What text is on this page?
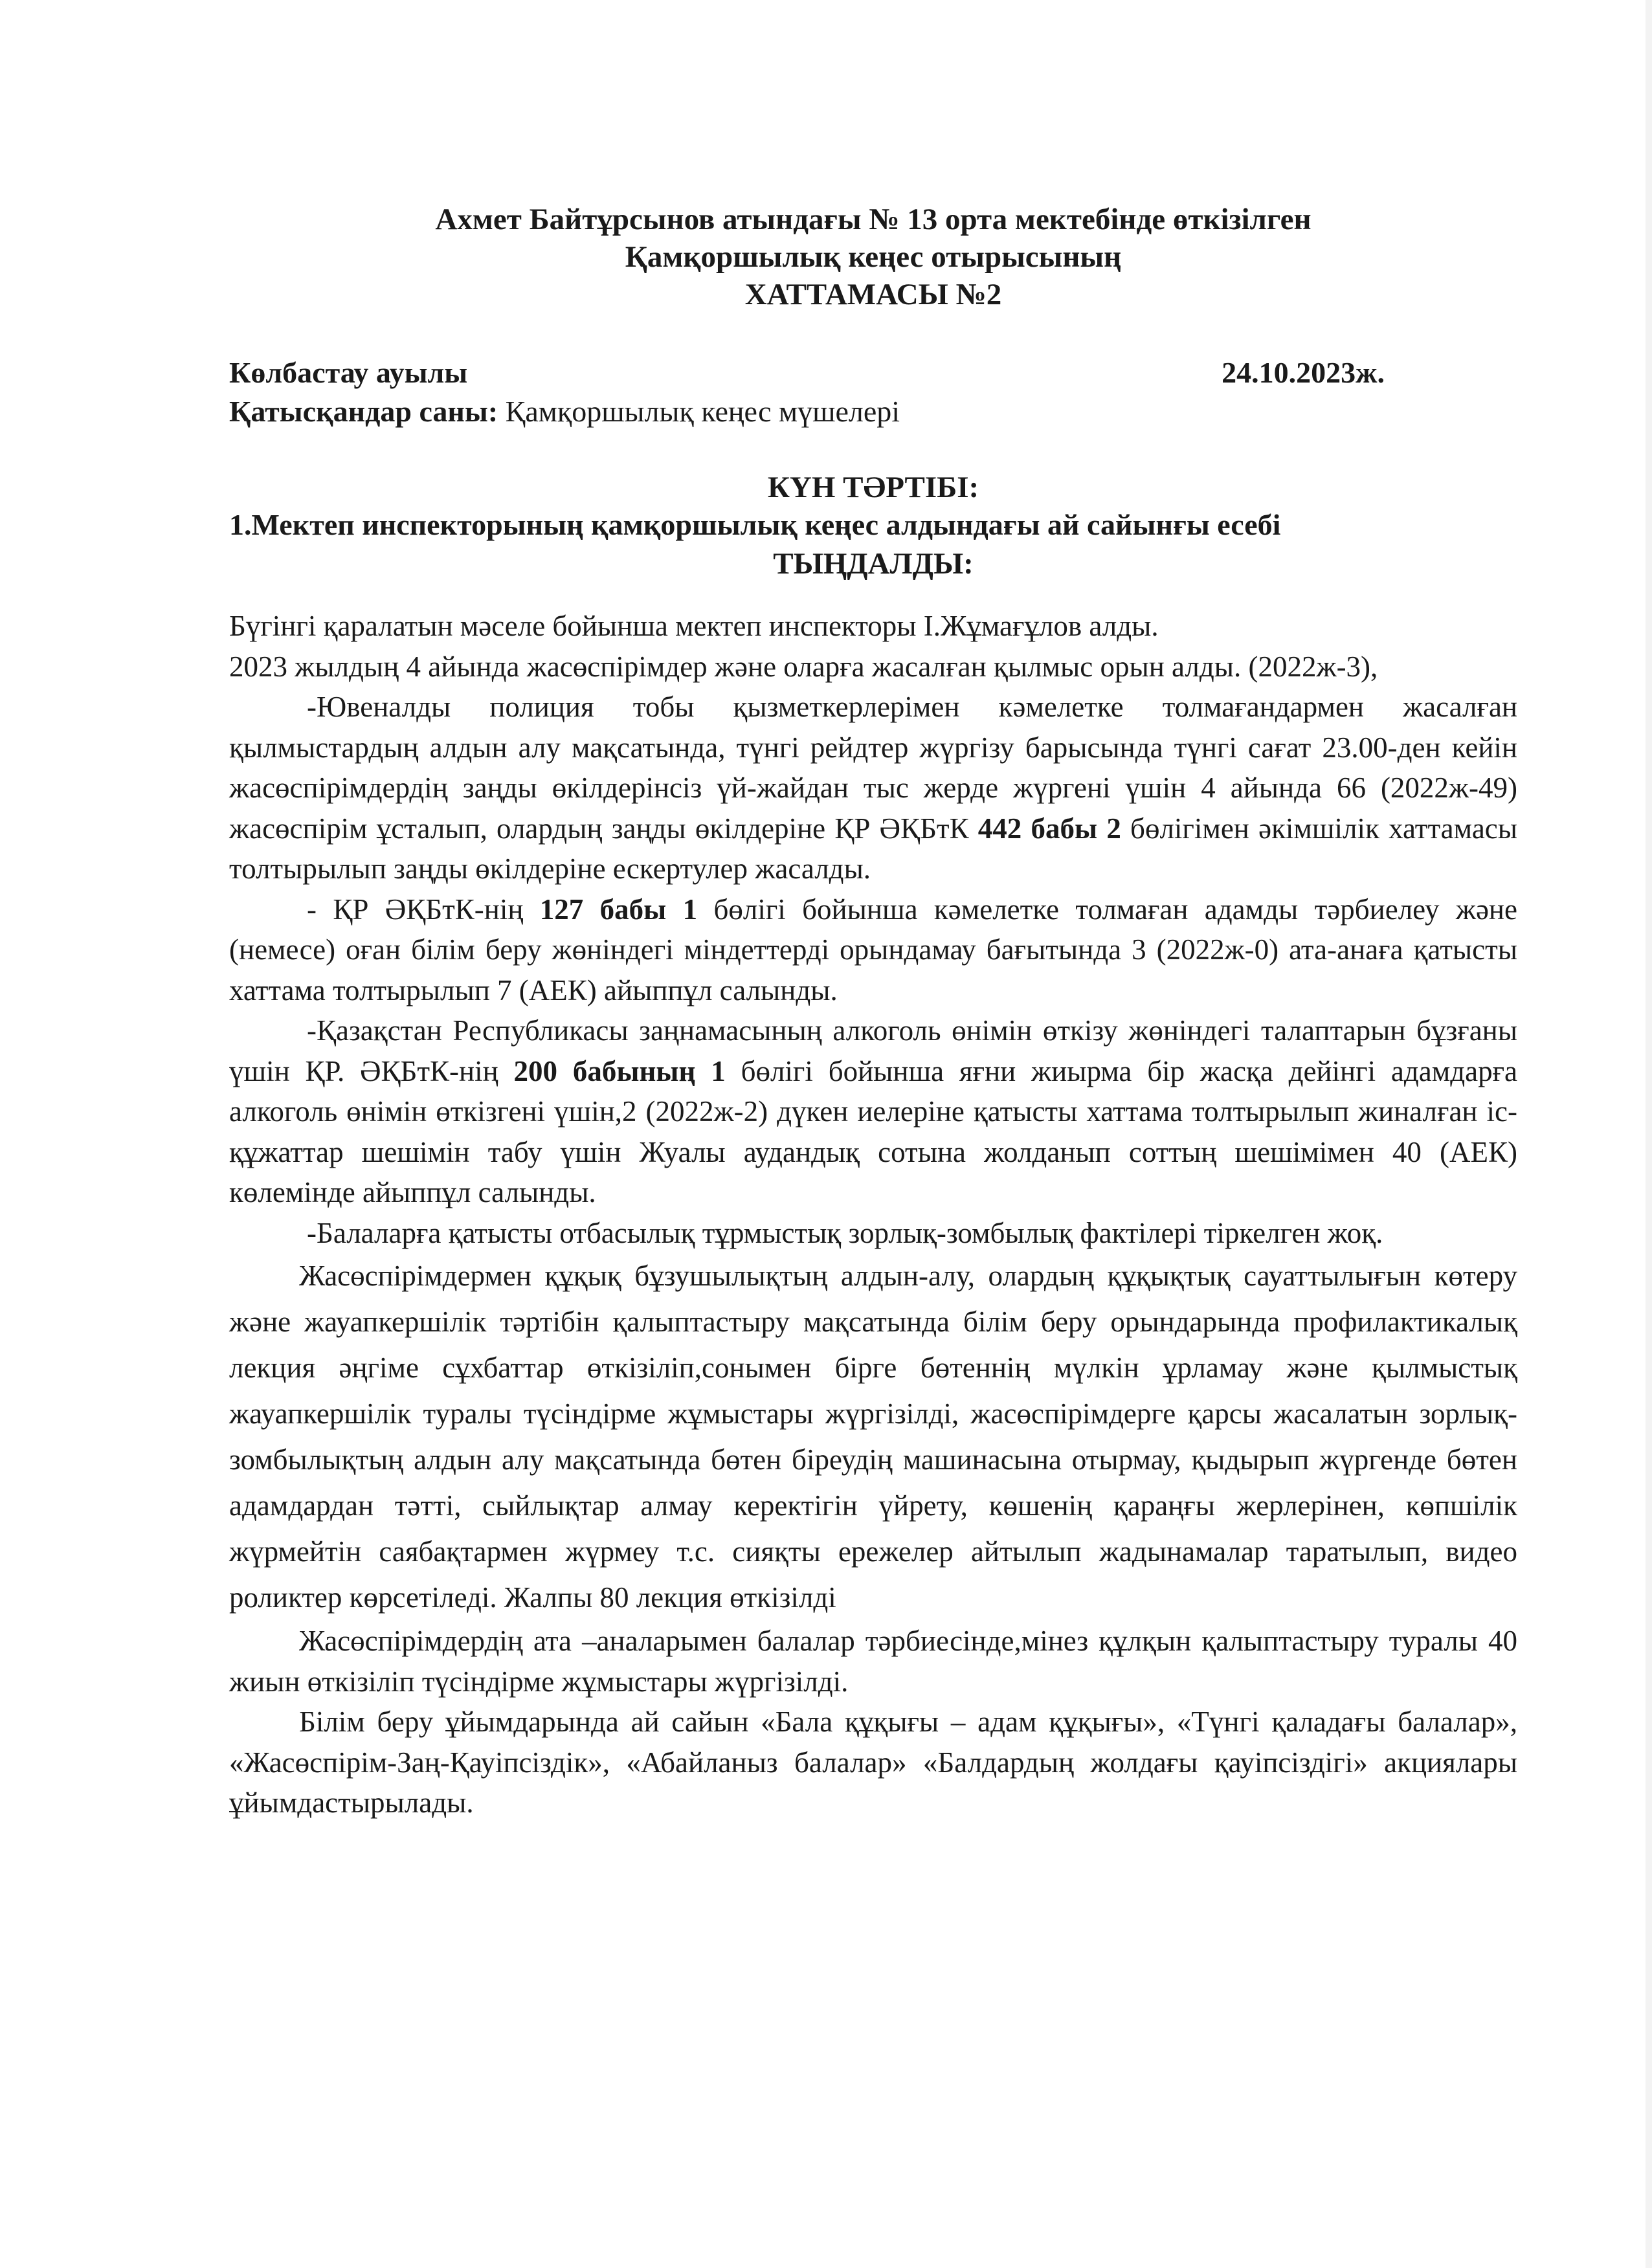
Ахмет Байтұрсынов атындағы № 13 орта мектебінде өткізілген
Қамқоршылық кеңес отырысының
ХАТТАМАСЫ №2
Көлбастау ауылы	24.10.2023ж.
Қатысқандар саны: Қамқоршылық кеңес мүшелері
КҮН ТӘРТІБІ:
1.Мектеп инспекторының қамқоршылық кеңес алдындағы ай сайынғы есебі
ТЫҢДАЛДЫ:

Бүгінгі қаралатын мәселе бойынша мектеп инспекторы І.Жұмағұлов алды.

2023 жылдың 4 айында жасөспірімдер және оларға жасалған қылмыс орын алды. (2022ж-3),

-Ювеналды полиция тобы қызметкерлерімен кәмелетке толмағандармен жасалған қылмыстардың алдын алу мақсатында, түнгі рейдтер жүргізу барысында түнгі сағат 23.00-ден кейін жасөспірімдердің заңды өкілдерінсіз үй-жайдан тыс жерде жүргені үшін 4 айында 66 (2022ж-49) жасөспірім ұсталып, олардың заңды өкілдеріне ҚР ӘҚБтК 442 бабы 2 бөлігімен әкімшілік хаттамасы толтырылып заңды өкілдеріне ескертулер жасалды.

- ҚР ӘҚБтК-нің 127 бабы 1 бөлігі бойынша кәмелетке толмаған адамды тәрбиелеу және (немесе) оған білім беру жөніндегі міндеттерді орындамау бағытында 3 (2022ж-0) ата-анаға қатысты хаттама толтырылып 7 (АЕК) айыппұл салынды.

-Қазақстан Республикасы заңнамасының алкоголь өнімін өткізу жөніндегі талаптарын бұзғаны үшін ҚР. ӘҚБтК-нің 200 бабының 1 бөлігі бойынша яғни жиырма бір жасқа дейінгі адамдарға алкоголь өнімін өткізгені үшін,2 (2022ж-2) дүкен иелеріне қатысты хаттама толтырылып жиналған іс-құжаттар шешімін табу үшін Жуалы аудандық сотына жолданып соттың шешімімен 40 (АЕК) көлемінде айыппұл салынды.

-Балаларға қатысты отбасылық тұрмыстық зорлық-зомбылық фактілері тіркелген жоқ.

Жасөспірімдермен құқық бұзушылықтың алдын-алу, олардың құқықтық сауаттылығын көтеру және жауапкершілік тәртібін қалыптастыру мақсатында білім беру орындарында профилактикалық лекция әңгіме сұхбаттар өткізіліп,сонымен бірге бөтеннің мүлкін ұрламау және қылмыстық жауапкершілік туралы түсіндірме жұмыстары жүргізілді, жасөспірімдерге қарсы жасалатын зорлық-зомбылықтың алдын алу мақсатында бөтен біреудің машинасына отырмау, қыдырып жүргенде бөтен адамдардан тәтті, сыйлықтар алмау керектігін үйрету, көшенің қараңғы жерлерінен, көпшілік жүрмейтін саябақтармен жүрмеу т.с. сияқты ережелер айтылып жадынамалар таратылып, видео роликтер көрсетіледі. Жалпы 80 лекция өткізілді

Жасөспірімдердің ата –аналарымен балалар тәрбиесінде,мінез құлқын қалыптастыру туралы 40 жиын өткізіліп түсіндірме жұмыстары жүргізілді.

Білім беру ұйымдарында ай сайын «Бала құқығы – адам құқығы», «Түнгі қаладағы балалар», «Жасөспірім-Заң-Қауіпсіздік», «Абайланыз балалар» «Балдардың жолдағы қауіпсіздігі» акциялары ұйымдастырылады.
